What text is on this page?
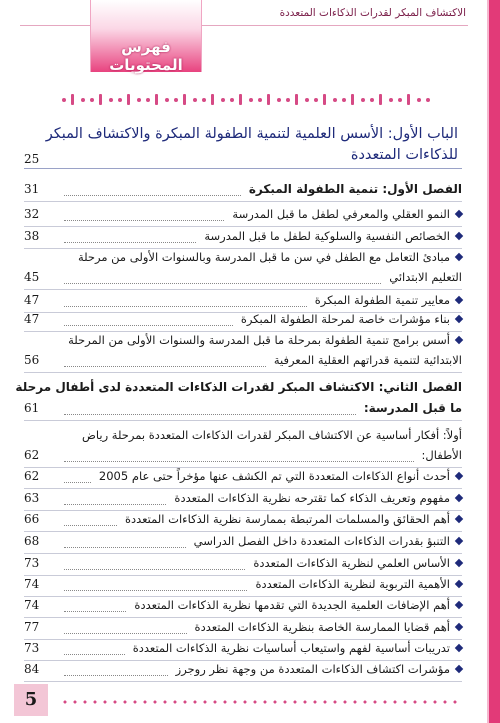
الاكتشاف المبكر لقدرات الذكاءات المتعددة
فهرس المحتويات
الباب الأول: الأسس العلمية لتنمية الطفولة المبكرة والاكتشاف المبكر للذكاءات المتعددة
25
الفصل الأول: تنمية الطفولة المبكرة
31
النمو العقلي والمعرفي لطفل ما قبل المدرسة
32
الخصائص النفسية والسلوكية لطفل ما قبل المدرسة
38
مبادئ التعامل مع الطفل في سن ما قبل المدرسة وبالسنوات الأولى من مرحلة
التعليم الابتدائي
45
معايير تنمية الطفولة المبكرة
47
بناء مؤشرات خاصة لمرحلة الطفولة المبكرة
47
أسس برامج تنمية الطفولة بمرحلة ما قبل المدرسة والسنوات الأولى من المرحلة
الابتدائية لتنمية قدراتهم العقلية المعرفية
56
الفصل الثاني: الاكتشاف المبكر لقدرات الذكاءات المتعددة لدى أطفال مرحلة
ما قبل المدرسة:
61
أولاً: أفكار أساسية عن الاكتشاف المبكر لقدرات الذكاءات المتعددة بمرحلة رياض
الأطفال:
62
أحدث أنواع الذكاءات المتعددة التي تم الكشف عنها مؤخراً حتى عام 2005
62
مفهوم وتعريف الذكاء كما تقترحه نظرية الذكاءات المتعددة
63
أهم الحقائق والمسلمات المرتبطة بممارسة نظرية الذكاءات المتعددة
66
التنبؤ بقدرات الذكاءات المتعددة داخل الفصل الدراسي
68
الأساس العلمي لنظرية الذكاءات المتعددة
73
الأهمية التربوية لنظرية الذكاءات المتعددة
74
أهم الإضافات العلمية الجديدة التي تقدمها نظرية الذكاءات المتعددة
74
أهم قضايا الممارسة الخاصة بنظرية الذكاءات المتعددة
77
تدريبات أساسية لفهم واستيعاب أساسيات نظرية الذكاءات المتعددة
73
مؤشرات اكتشاف الذكاءات المتعددة من وجهة نظر روجرز
84
5
